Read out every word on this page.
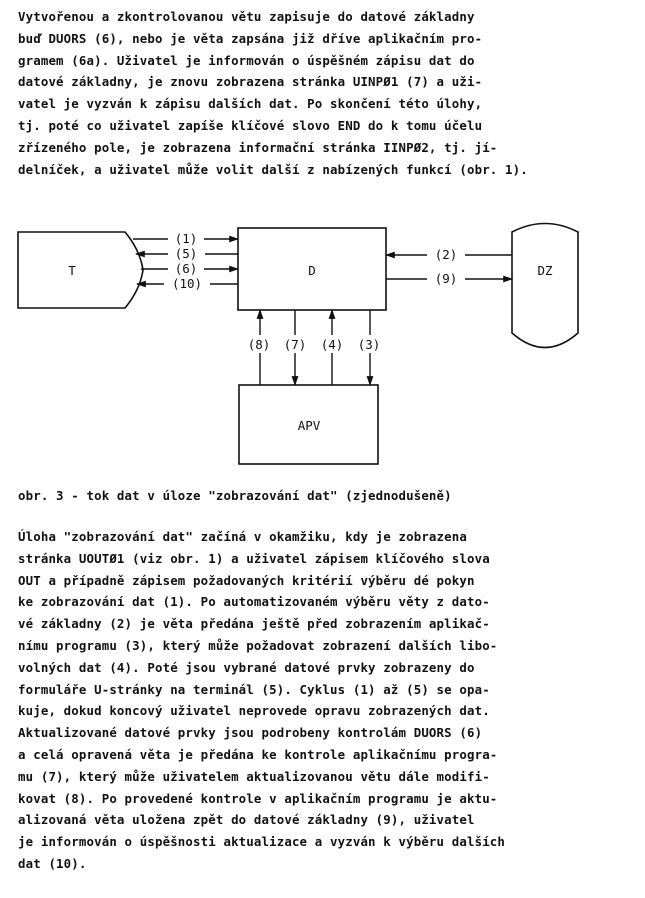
Vytvořenou a zkontrolovanou větu zapisuje do datové základny
buď DUORS (6), nebo je věta zapsána již dříve aplikačním pro-
gramem (6a). Uživatel je informován o úspěšném zápisu dat do
datové základny, je znovu zobrazena stránka UINPØ1 (7) a uži-
vatel je vyzván k zápisu dalších dat. Po skončení této úlohy,
tj. poté co uživatel zapíše klíčové slovo END do k tomu účelu
zřízeného pole, je zobrazena informační stránka IINPØ2, tj. jí-
delníček, a uživatel může volit další z nabízených funkcí (obr. 1).

T	D	DZ
APV
(1)
(5)
(6)
(10)
(2)
(9)
(8) (7) (4) (3)

obr. 3 - tok dat v úloze "zobrazování dat" (zjednodušeně)

Úloha "zobrazování dat" začíná v okamžiku, kdy je zobrazena
stránka UOUTØ1 (viz obr. 1) a uživatel zápisem klíčového slova
OUT a případně zápisem požadovaných kritérií výběru dé pokyn
ke zobrazování dat (1). Po automatizovaném výběru věty z dato-
vé základny (2) je věta předána ještě před zobrazením aplikač-
nímu programu (3), který může požadovat zobrazení dalších libo-
volných dat (4). Poté jsou vybrané datové prvky zobrazeny do
formuláře U-stránky na terminál (5). Cyklus (1) až (5) se opa-
kuje, dokud koncový uživatel neprovede opravu zobrazených dat.
Aktualizované datové prvky jsou podrobeny kontrolám DUORS (6)
a celá opravená věta je předána ke kontrole aplikačnímu progra-
mu (7), který může uživatelem aktualizovanou větu dále modifi-
kovat (8). Po provedené kontrole v aplikačním programu je aktu-
alizovaná věta uložena zpět do datové základny (9), uživatel
je informován o úspěšnosti aktualizace a vyzván k výběru dalších
dat (10).
